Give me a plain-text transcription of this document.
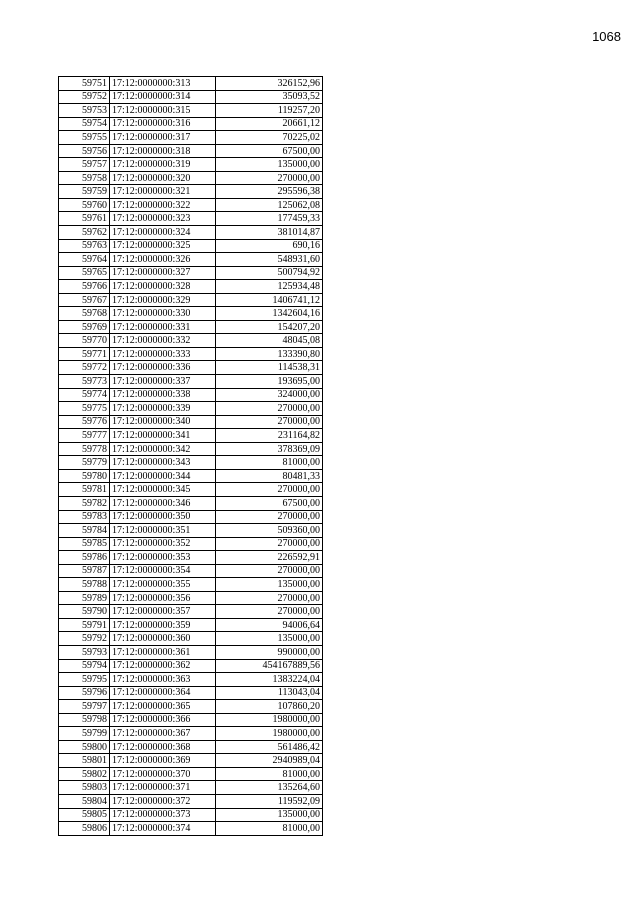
1068
59751	17:12:0000000:313	326152,96
59752	17:12:0000000:314	35093,52
59753	17:12:0000000:315	119257,20
59754	17:12:0000000:316	20661,12
59755	17:12:0000000:317	70225,02
59756	17:12:0000000:318	67500,00
59757	17:12:0000000:319	135000,00
59758	17:12:0000000:320	270000,00
59759	17:12:0000000:321	295596,38
59760	17:12:0000000:322	125062,08
59761	17:12:0000000:323	177459,33
59762	17:12:0000000:324	381014,87
59763	17:12:0000000:325	690,16
59764	17:12:0000000:326	548931,60
59765	17:12:0000000:327	500794,92
59766	17:12:0000000:328	125934,48
59767	17:12:0000000:329	1406741,12
59768	17:12:0000000:330	1342604,16
59769	17:12:0000000:331	154207,20
59770	17:12:0000000:332	48045,08
59771	17:12:0000000:333	133390,80
59772	17:12:0000000:336	114538,31
59773	17:12:0000000:337	193695,00
59774	17:12:0000000:338	324000,00
59775	17:12:0000000:339	270000,00
59776	17:12:0000000:340	270000,00
59777	17:12:0000000:341	231164,82
59778	17:12:0000000:342	378369,09
59779	17:12:0000000:343	81000,00
59780	17:12:0000000:344	80481,33
59781	17:12:0000000:345	270000,00
59782	17:12:0000000:346	67500,00
59783	17:12:0000000:350	270000,00
59784	17:12:0000000:351	509360,00
59785	17:12:0000000:352	270000,00
59786	17:12:0000000:353	226592,91
59787	17:12:0000000:354	270000,00
59788	17:12:0000000:355	135000,00
59789	17:12:0000000:356	270000,00
59790	17:12:0000000:357	270000,00
59791	17:12:0000000:359	94006,64
59792	17:12:0000000:360	135000,00
59793	17:12:0000000:361	990000,00
59794	17:12:0000000:362	454167889,56
59795	17:12:0000000:363	1383224,04
59796	17:12:0000000:364	113043,04
59797	17:12:0000000:365	107860,20
59798	17:12:0000000:366	1980000,00
59799	17:12:0000000:367	1980000,00
59800	17:12:0000000:368	561486,42
59801	17:12:0000000:369	2940989,04
59802	17:12:0000000:370	81000,00
59803	17:12:0000000:371	135264,60
59804	17:12:0000000:372	119592,09
59805	17:12:0000000:373	135000,00
59806	17:12:0000000:374	81000,00
